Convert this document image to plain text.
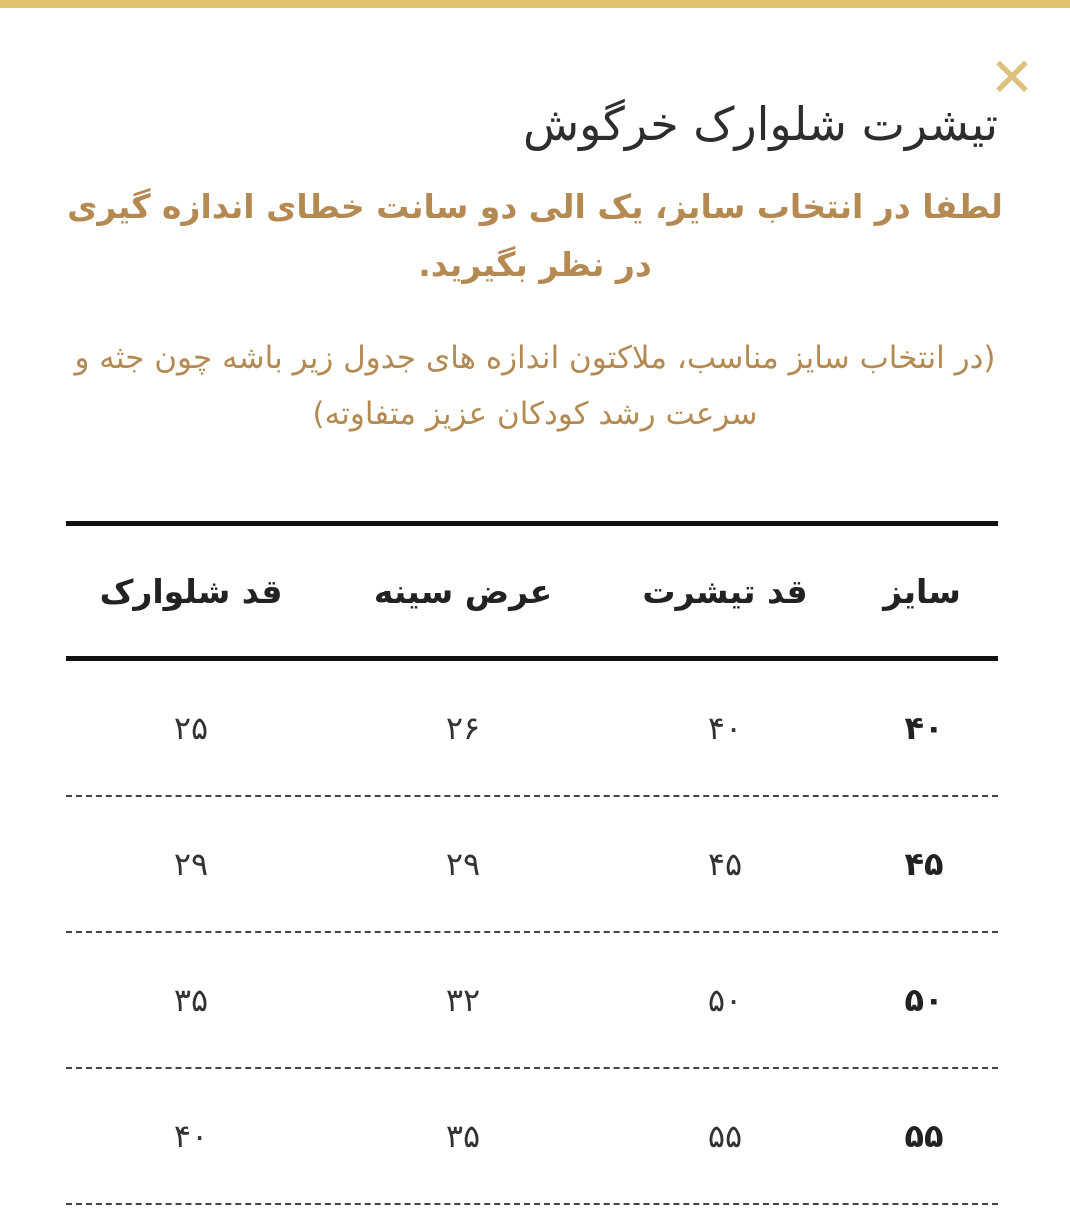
✕
تیشرت شلوارک خرگوش
لطفا در انتخاب سایز، یک الی دو سانت خطای اندازه گیری در نظر بگیرید.
(در انتخاب سایز مناسب، ملاکتون اندازه های جدول زیر باشه چون جثه و سرعت رشد کودکان عزیز متفاوته)
سایز
قد تیشرت
عرض سینه
قد شلوارک
۴۰
۴۰
۲۶
۲۵
۴۵
۴۵
۲۹
۲۹
۵۰
۵۰
۳۲
۳۵
۵۵
۵۵
۳۵
۴۰
